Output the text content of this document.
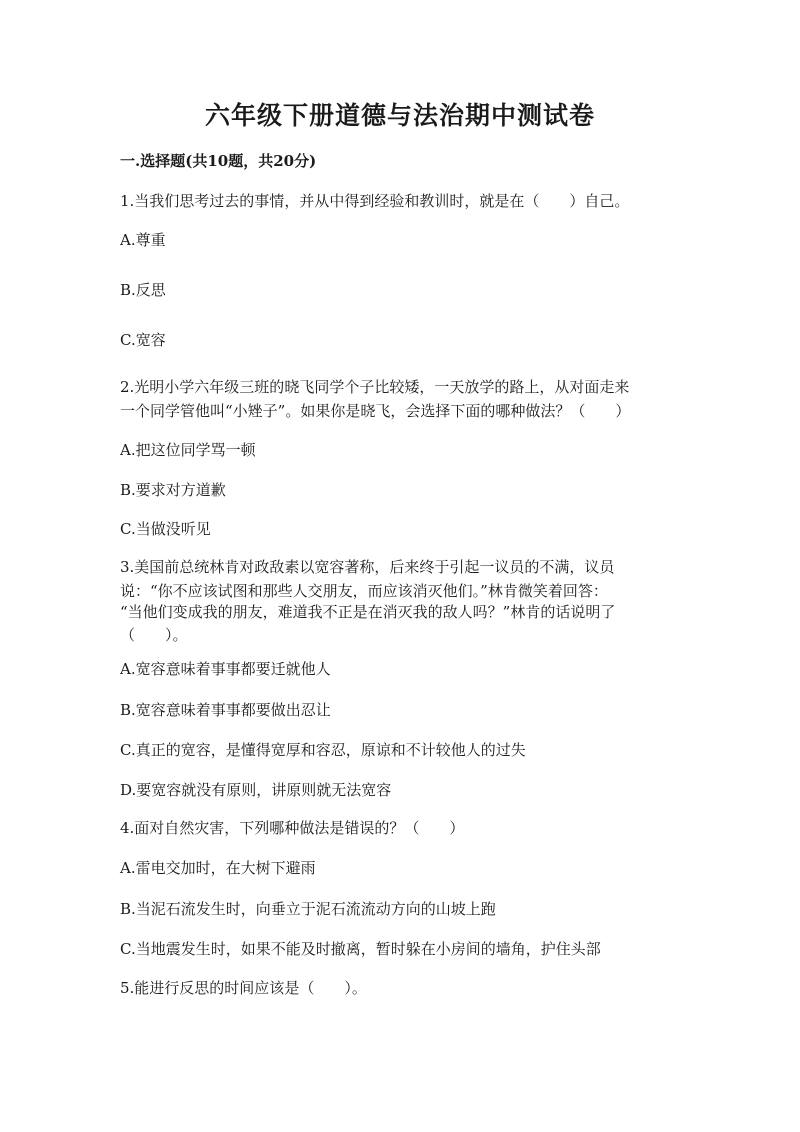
六年级下册道德与法治期中测试卷
一.选择题(共10题，共20分)
1.当我们思考过去的事情，并从中得到经验和教训时，就是在（　　）自己。
A.尊重
B.反思
C.宽容
2.光明小学六年级三班的晓飞同学个子比较矮，一天放学的路上，从对面走来
一个同学管他叫“小矬子”。如果你是晓飞，会选择下面的哪种做法？（　　）
A.把这位同学骂一顿
B.要求对方道歉
C.当做没听见
3.美国前总统林肯对政敌素以宽容著称，后来终于引起一议员的不满，议员
说：“你不应该试图和那些人交朋友，而应该消灭他们。”林肯微笑着回答：
“当他们变成我的朋友，难道我不正是在消灭我的敌人吗？”林肯的话说明了
（　　）。
A.宽容意味着事事都要迁就他人
B.宽容意味着事事都要做出忍让
C.真正的宽容，是懂得宽厚和容忍，原谅和不计较他人的过失
D.要宽容就没有原则，讲原则就无法宽容
4.面对自然灾害，下列哪种做法是错误的？（　　）
A.雷电交加时，在大树下避雨
B.当泥石流发生时，向垂立于泥石流流动方向的山坡上跑
C.当地震发生时，如果不能及时撤离，暂时躲在小房间的墙角，护住头部
5.能进行反思的时间应该是（　　）。
